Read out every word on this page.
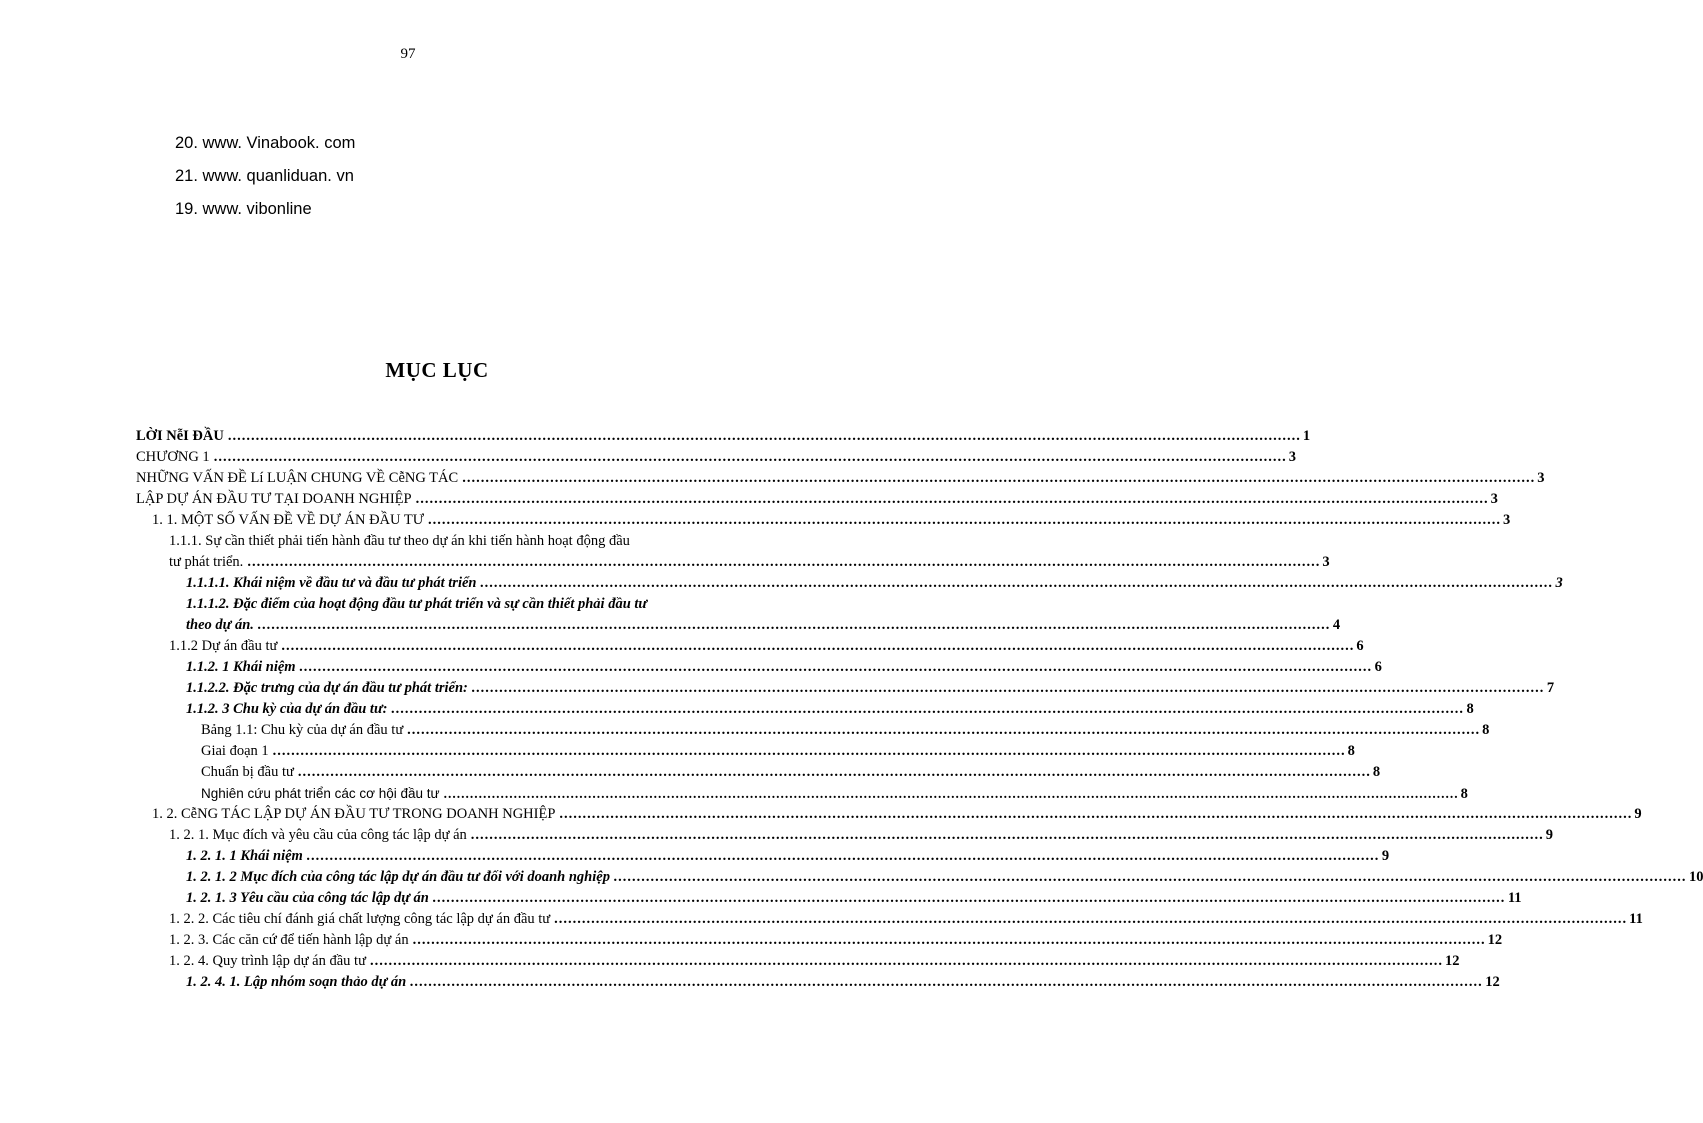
97
20. www. Vinabook. com
21. www. quanliduan. vn
19. www. vibonline
MỤC LỤC
LỜI NễI ĐẦU .....	1
CHƯƠNG 1 .....	3
NHỮNG VẤN ĐỀ Lí LUẬN CHUNG VỀ CễNG TÁC .....	3
LẬP DỰ ÁN ĐẦU TƯ TẠI DOANH NGHIỆP .....	3
1. 1. MỘT SỐ VẤN ĐỀ VỀ DỰ ÁN ĐẦU TƯ .....	3
1.1.1. Sự cần thiết phải tiến hành đầu tư theo dự án khi tiến hành hoạt động đầu
tư phát triển. .....	3
1.1.1.1. Khái niệm về đầu tư và đầu tư phát triển .....	3
1.1.1.2. Đặc điểm của hoạt động đầu tư phát triển và sự cần thiết phải đầu tư
theo dự án. .....	4
1.1.2 Dự án đầu tư .....	6
1.1.2. 1 Khái niệm .....	6
1.1.2.2. Đặc trưng của dự án đầu tư phát triển: .....	7
1.1.2. 3 Chu kỳ của dự án đầu tư: .....	8
Bảng 1.1: Chu kỳ của dự án đầu tư .....	8
Giai đoạn 1 .....	8
Chuẩn bị đầu tư .....	8
Nghiên cứu phát triển các cơ hội đầu tư .....	8
1. 2. CễNG TÁC LẬP DỰ ÁN ĐẦU TƯ TRONG DOANH NGHIỆP .....	9
1. 2. 1. Mục đích và yêu cầu của công tác lập dự án .....	9
1. 2. 1. 1 Khái niệm .....	9
1. 2. 1. 2 Mục đích của công tác lập dự án đầu tư đối với doanh nghiệp .....	10
1. 2. 1. 3 Yêu cầu của công tác lập dự án .....	11
1. 2. 2. Các tiêu chí đánh giá chất lượng công tác lập dự án đầu tư .....	11
1. 2. 3. Các căn cứ để tiến hành lập dự án .....	12
1. 2. 4. Quy trình lập dự án đầu tư .....	12
1. 2. 4. 1. Lập nhóm soạn thảo dự án .....	12
